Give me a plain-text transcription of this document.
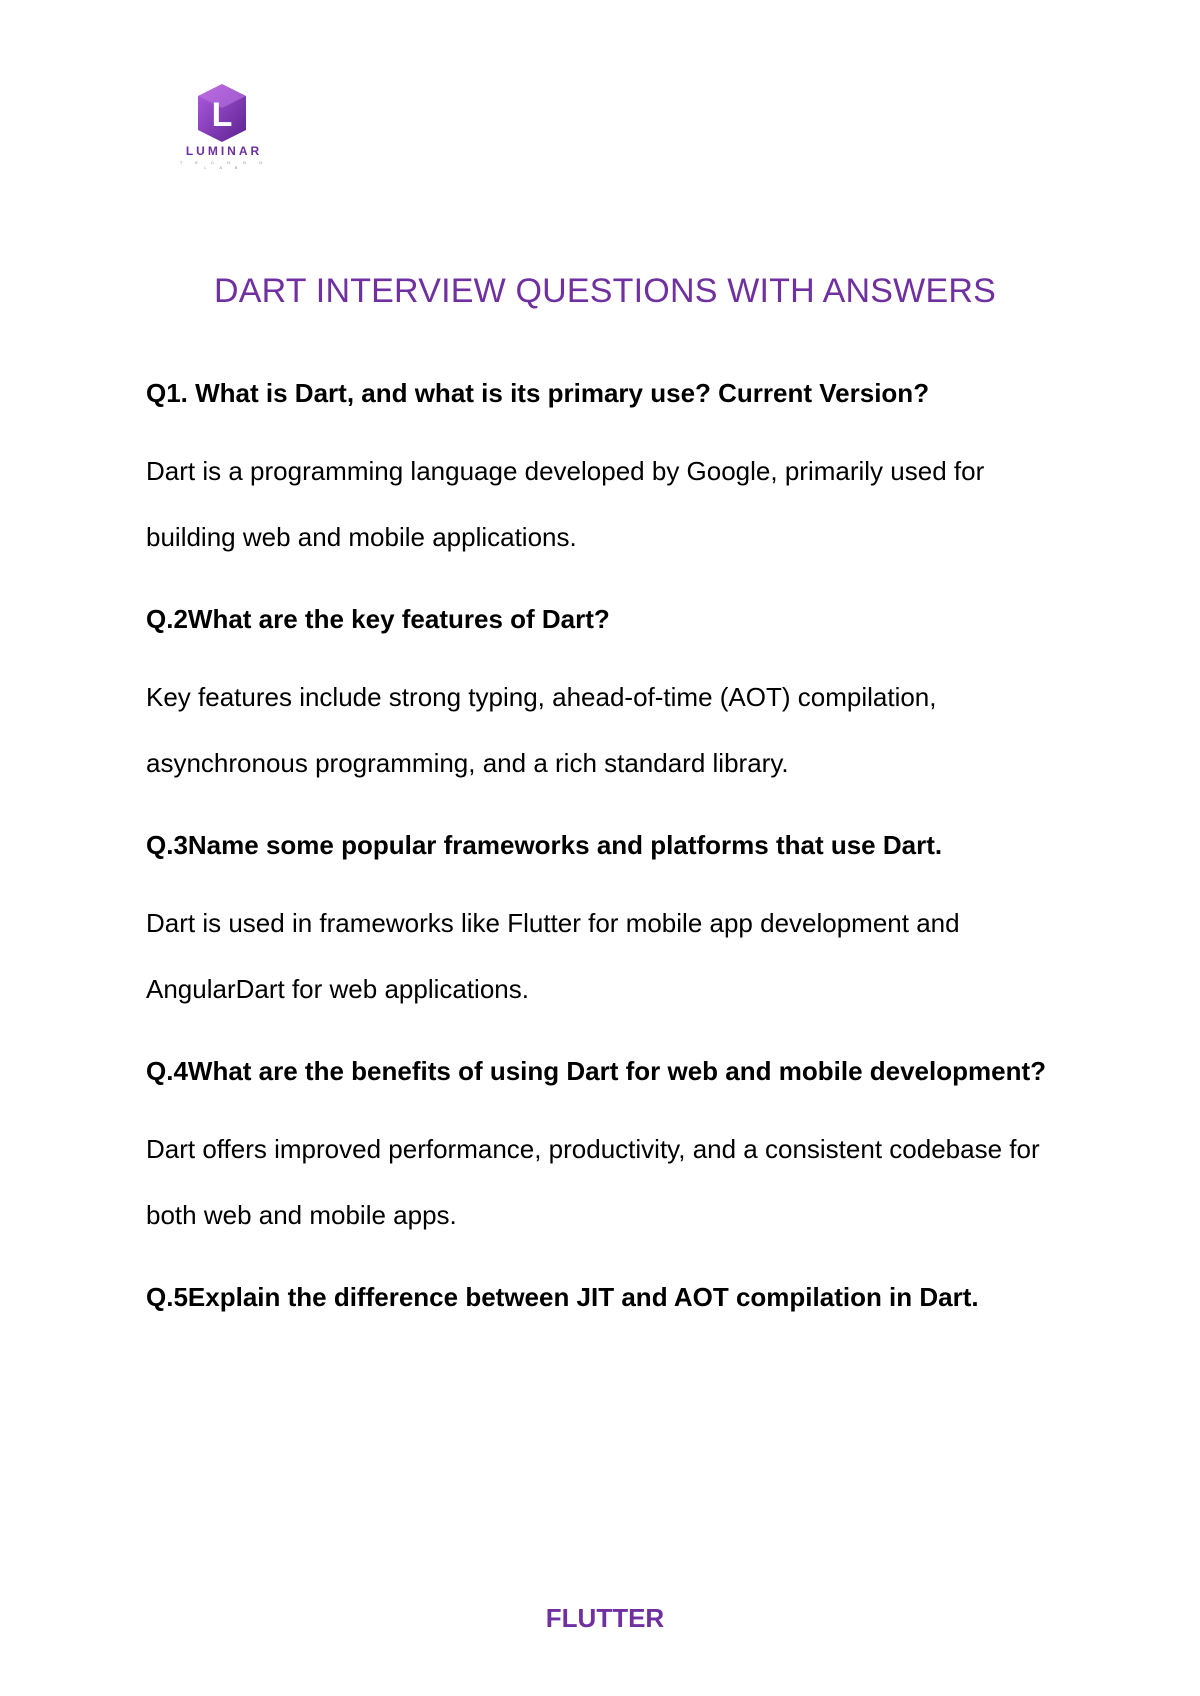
L
LUMINAR
T E C H N O L A B
DART INTERVIEW QUESTIONS WITH ANSWERS

Q1. What is Dart, and what is its primary use? Current Version?

Dart is a programming language developed by Google, primarily used for building web and mobile applications.

Q.2What are the key features of Dart?

Key features include strong typing, ahead-of-time (AOT) compilation, asynchronous programming, and a rich standard library.

Q.3Name some popular frameworks and platforms that use Dart.

Dart is used in frameworks like Flutter for mobile app development and AngularDart for web applications.

Q.4What are the benefits of using Dart for web and mobile development?

Dart offers improved performance, productivity, and a consistent codebase for both web and mobile apps.

Q.5Explain the difference between JIT and AOT compilation in Dart.

FLUTTER
